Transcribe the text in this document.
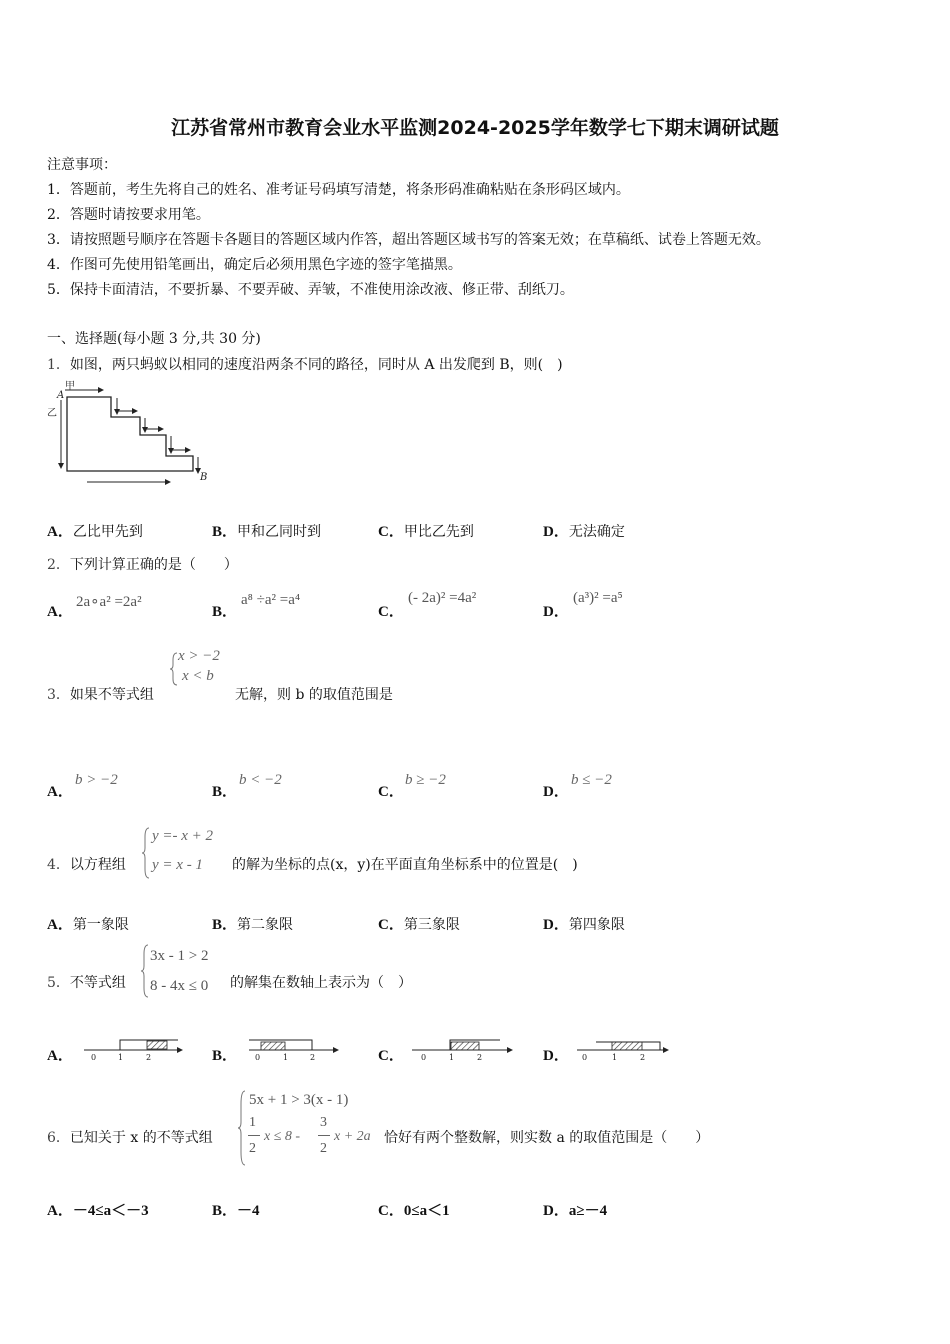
江苏省常州市教育会业水平监测2024-2025学年数学七下期末调研试题
注意事项：
1．答题前，考生先将自己的姓名、准考证号码填写清楚，将条形码准确粘贴在条形码区域内。
2．答题时请按要求用笔。
3．请按照题号顺序在答题卡各题目的答题区域内作答，超出答题区域书写的答案无效；在草稿纸、试卷上答题无效。
4．作图可先使用铅笔画出，确定后必须用黑色字迹的签字笔描黑。
5．保持卡面清洁，不要折暴、不要弄破、弄皱，不准使用涂改液、修正带、刮纸刀。
一、选择题(每小题 3 分,共 30 分)
1．如图，两只蚂蚁以相同的速度沿两条不同的路径，同时从 A 出发爬到 B，则(　)
甲
乙
A
B
A．乙比甲先到	B．甲和乙同时到	C．甲比乙先到	D．无法确定
2．下列计算正确的是（　　）
A．
2a∘a² =2a²
B．
a⁸ ÷a² =a⁴
C．
(- 2a)² =4a²
D．
(a³)² =a⁵
3．如果不等式组
x > −2
x < b
无解，则 b 的取值范围是
A．
b > −2
B．
b < −2
C．
b ≥ −2
D．
b ≤ −2
4．以方程组
y =- x + 2
y = x - 1 的解为坐标的点(x，y)在平面直角坐标系中的位置是(　)
A．第一象限	B．第二象限	C．第三象限	D．第四象限
5．不等式组
3x - 1 > 2
8 - 4x ≤ 0 的解集在数轴上表示为（　）
A．	B．	C．	D．
0	1	2	0	1	2	0	1	2	0	1	2
6．已知关于 x 的不等式组
5x + 1 > 3(x - 1)
1
2
x ≤ 8 -
3
2
x + 2a 恰好有两个整数解，则实数 a 的取值范围是（　　）
A．－4≤a＜－3	B．－4	C．0≤a＜1	D．a≥－4
